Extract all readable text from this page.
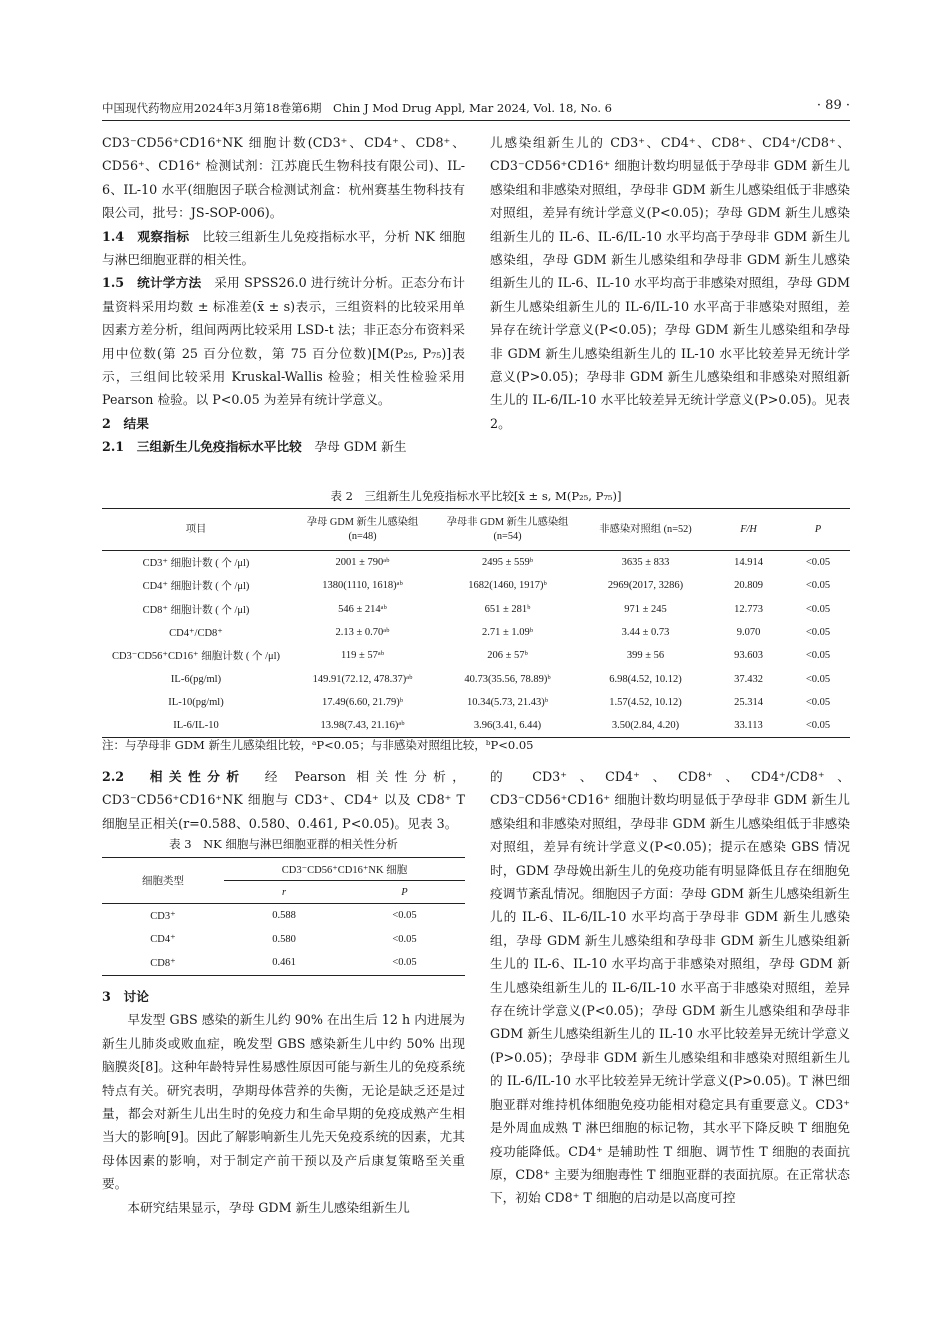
中国现代药物应用2024年3月第18卷第6期　Chin J Mod Drug Appl, Mar 2024, Vol. 18, No. 6	· 89 ·

CD3⁻CD56⁺CD16⁺NK 细胞计数(CD3⁺、CD4⁺、CD8⁺、CD56⁺、CD16⁺ 检测试剂：江苏鹿氏生物科技有限公司)、IL-6、IL-10 水平(细胞因子联合检测试剂盒：杭州赛基生物科技有限公司，批号：JS-SOP-006)。

1.4　观察指标　 比较三组新生儿免疫指标水平，分析 NK 细胞与淋巴细胞亚群的相关性。

1.5　统计学方法　 采用 SPSS26.0 进行统计分析。正态分布计量资料采用均数 ± 标准差(x̄ ± s)表示，三组资料的比较采用单因素方差分析，组间两两比较采用 LSD-t 法；非正态分布资料采用中位数(第 25 百分位数，第 75 百分位数)[M(P₂₅, P₇₅)]表示，三组间比较采用 Kruskal-Wallis 检验；相关性检验采用 Pearson 检验。以 P<0.05 为差异有统计学意义。

2　结果

2.1　三组新生儿免疫指标水平比较　 孕母 GDM 新生

儿感染组新生儿的 CD3⁺、CD4⁺、CD8⁺、CD4⁺/CD8⁺、CD3⁻CD56⁺CD16⁺ 细胞计数均明显低于孕母非 GDM 新生儿感染组和非感染对照组，孕母非 GDM 新生儿感染组低于非感染对照组，差异有统计学意义(P<0.05)；孕母 GDM 新生儿感染组新生儿的 IL-6、IL-6/IL-10 水平均高于孕母非 GDM 新生儿感染组，孕母 GDM 新生儿感染组和孕母非 GDM 新生儿感染组新生儿的 IL-6、IL-10 水平均高于非感染对照组，孕母 GDM 新生儿感染组新生儿的 IL-6/IL-10 水平高于非感染对照组，差异存在统计学意义(P<0.05)；孕母 GDM 新生儿感染组和孕母非 GDM 新生儿感染组新生儿的 IL-10 水平比较差异无统计学意义(P>0.05)；孕母非 GDM 新生儿感染组和非感染对照组新生儿的 IL-6/IL-10 水平比较差异无统计学意义(P>0.05)。见表 2。

表 2　三组新生儿免疫指标水平比较[x̄ ± s, M(P₂₅, P₇₅)]
项目	孕母 GDM 新生儿感染组
(n=48)	孕母非 GDM 新生儿感染组
(n=54)	非感染对照组 (n=52)	F/H	P
CD3⁺ 细胞计数 ( 个 /μl)	2001 ± 790ᵃᵇ	2495 ± 559ᵇ	3635 ± 833	14.914	<0.05
CD4⁺ 细胞计数 ( 个 /μl)	1380(1110, 1618)ᵃᵇ	1682(1460, 1917)ᵇ	2969(2017, 3286)	20.809	<0.05
CD8⁺ 细胞计数 ( 个 /μl)	546 ± 214ᵃᵇ	651 ± 281ᵇ	971 ± 245	12.773	<0.05
CD4⁺/CD8⁺	2.13 ± 0.70ᵃᵇ	2.71 ± 1.09ᵇ	3.44 ± 0.73	9.070	<0.05
CD3⁻CD56⁺CD16⁺ 细胞计数 ( 个 /μl)	119 ± 57ᵃᵇ	206 ± 57ᵇ	399 ± 56	93.603	<0.05
IL-6(pg/ml)	149.91(72.12, 478.37)ᵃᵇ	40.73(35.56, 78.89)ᵇ	6.98(4.52, 10.12)	37.432	<0.05
IL-10(pg/ml)	17.49(6.60, 21.79)ᵇ	10.34(5.73, 21.43)ᵇ	1.57(4.52, 10.12)	25.314	<0.05
IL-6/IL-10	13.98(7.43, 21.16)ᵃᵇ	3.96(3.41, 6.44)	3.50(2.84, 4.20)	33.113	<0.05
注：与孕母非 GDM 新生儿感染组比较，ᵃP<0.05；与非感染对照组比较，ᵇP<0.05

2.2　相关性分析　 经 Pearson 相关性分析，CD3⁻CD56⁺CD16⁺NK 细胞与 CD3⁺、CD4⁺ 以及 CD8⁺ T 细胞呈正相关(r=0.588、0.580、0.461, P<0.05)。见表 3。

表 3　NK 细胞与淋巴细胞亚群的相关性分析
细胞类型	CD3⁻CD56⁺CD16⁺NK 细胞	
	r	P
CD3⁺	0.588	<0.05
CD4⁺	0.580	<0.05
CD8⁺	0.461	<0.05

3　讨论

早发型 GBS 感染的新生儿约 90% 在出生后 12 h 内进展为新生儿肺炎或败血症，晚发型 GBS 感染新生儿中约 50% 出现脑膜炎[8]。这种年龄特异性易感性原因可能与新生儿的免疫系统特点有关。研究表明，孕期母体营养的失衡，无论是缺乏还是过量，都会对新生儿出生时的免疫力和生命早期的免疫成熟产生相当大的影响[9]。因此了解影响新生儿先天免疫系统的因素，尤其母体因素的影响，对于制定产前干预以及产后康复策略至关重要。

本研究结果显示，孕母 GDM 新生儿感染组新生儿

的 CD3⁺、CD4⁺、CD8⁺、CD4⁺/CD8⁺、CD3⁻CD56⁺CD16⁺ 细胞计数均明显低于孕母非 GDM 新生儿感染组和非感染对照组，孕母非 GDM 新生儿感染组低于非感染对照组，差异有统计学意义(P<0.05)；提示在感染 GBS 情况时，GDM 孕母娩出新生儿的免疫功能有明显降低且存在细胞免疫调节紊乱情况。细胞因子方面：孕母 GDM 新生儿感染组新生儿的 IL-6、IL-6/IL-10 水平均高于孕母非 GDM 新生儿感染组，孕母 GDM 新生儿感染组和孕母非 GDM 新生儿感染组新生儿的 IL-6、IL-10 水平均高于非感染对照组，孕母 GDM 新生儿感染组新生儿的 IL-6/IL-10 水平高于非感染对照组，差异存在统计学意义(P<0.05)；孕母 GDM 新生儿感染组和孕母非 GDM 新生儿感染组新生儿的 IL-10 水平比较差异无统计学意义(P>0.05)；孕母非 GDM 新生儿感染组和非感染对照组新生儿的 IL-6/IL-10 水平比较差异无统计学意义(P>0.05)。T 淋巴细胞亚群对维持机体细胞免疫功能相对稳定具有重要意义。CD3⁺ 是外周血成熟 T 淋巴细胞的标记物，其水平下降反映 T 细胞免疫功能降低。CD4⁺ 是辅助性 T 细胞、调节性 T 细胞的表面抗原，CD8⁺ 主要为细胞毒性 T 细胞亚群的表面抗原。在正常状态下，初始 CD8⁺ T 细胞的启动是以高度可控
